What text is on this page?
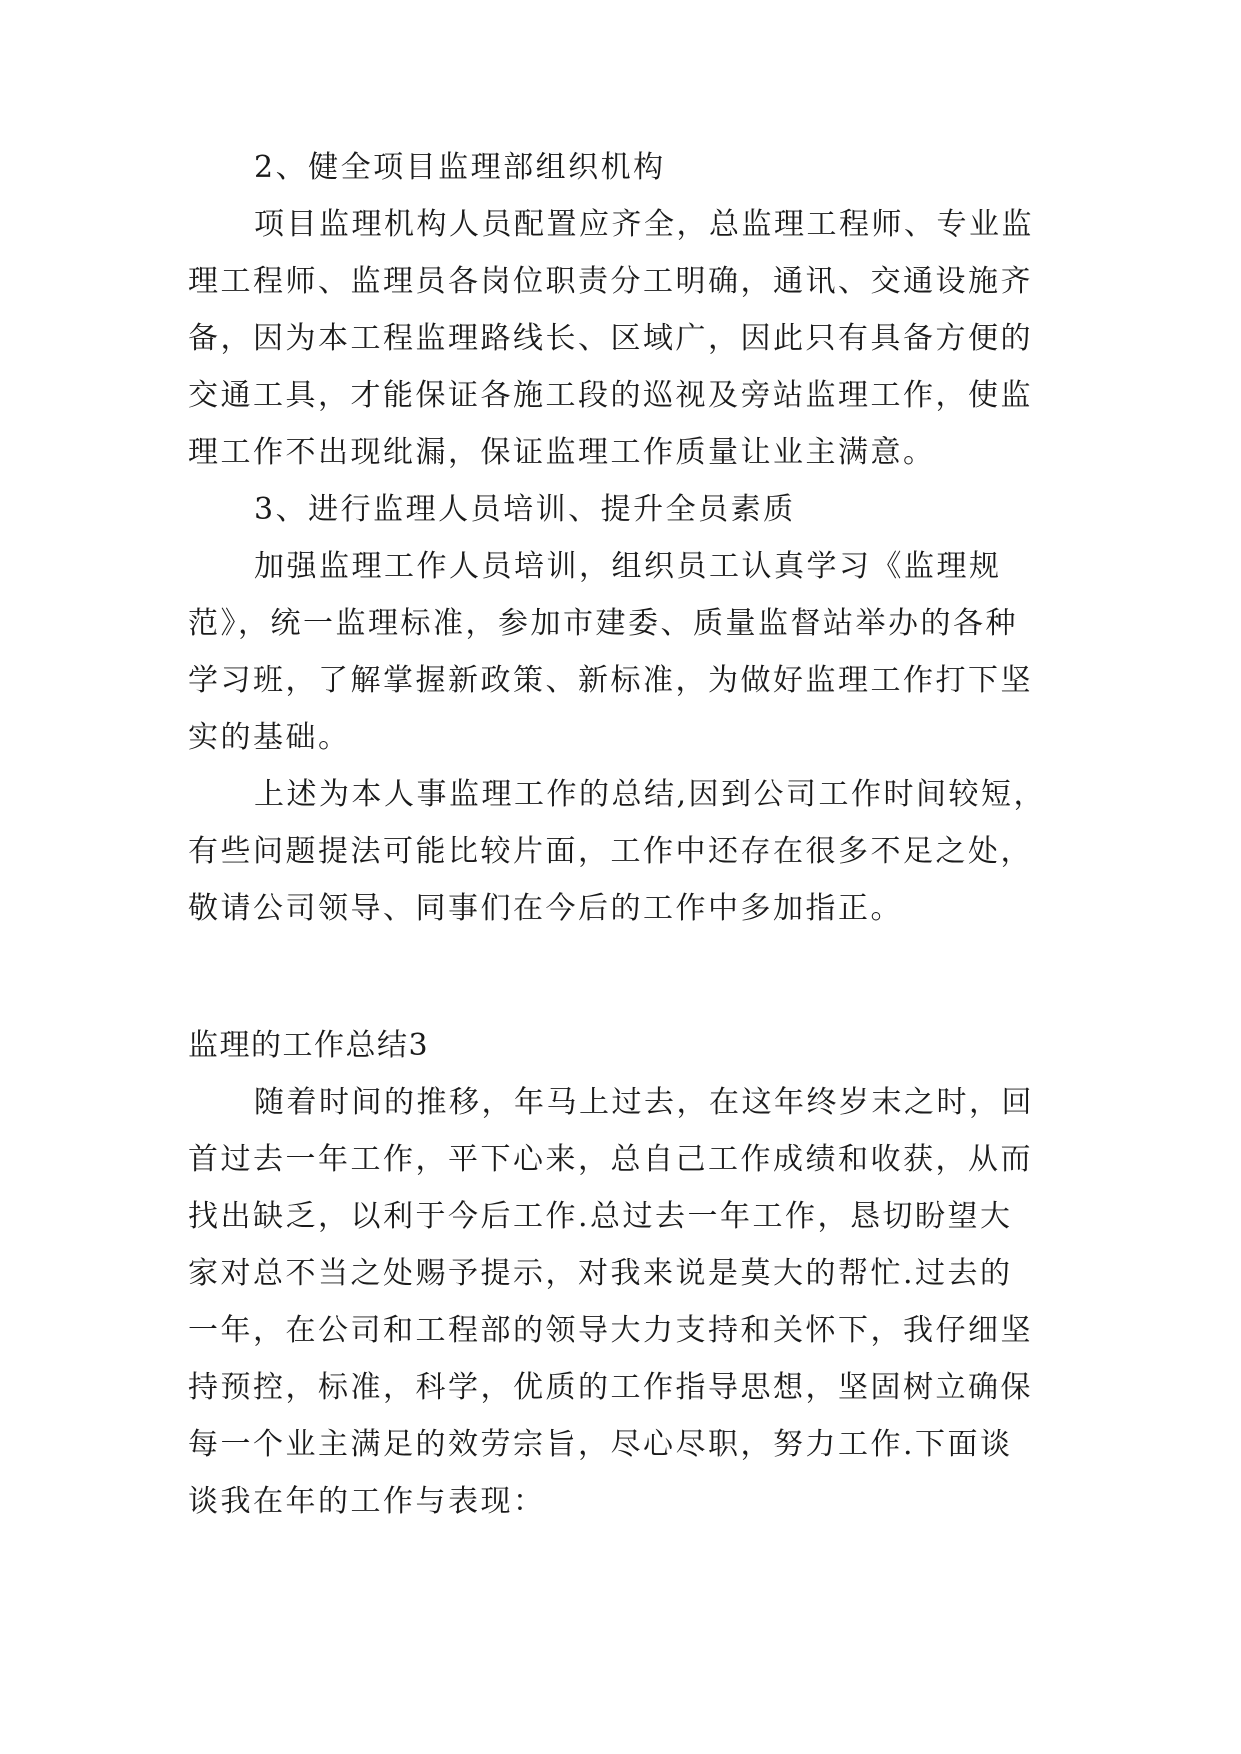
2、健全项目监理部组织机构
项目监理机构人员配置应齐全，总监理工程师、专业监
理工程师、监理员各岗位职责分工明确，通讯、交通设施齐
备，因为本工程监理路线长、区域广，因此只有具备方便的
交通工具，才能保证各施工段的巡视及旁站监理工作，使监
理工作不出现纰漏，保证监理工作质量让业主满意。
3、进行监理人员培训、提升全员素质
加强监理工作人员培训，组织员工认真学习《监理规
范》，统一监理标准，参加市建委、质量监督站举办的各种
学习班，了解掌握新政策、新标准，为做好监理工作打下坚
实的基础。
上述为本人事监理工作的总结,因到公司工作时间较短，
有些问题提法可能比较片面，工作中还存在很多不足之处，
敬请公司领导、同事们在今后的工作中多加指正。
监理的工作总结3
随着时间的推移，年马上过去，在这年终岁末之时，回
首过去一年工作，平下心来，总自己工作成绩和收获，从而
找出缺乏，以利于今后工作.总过去一年工作，恳切盼望大
家对总不当之处赐予提示，对我来说是莫大的帮忙.过去的
一年，在公司和工程部的领导大力支持和关怀下，我仔细坚
持预控，标准，科学，优质的工作指导思想，坚固树立确保
每一个业主满足的效劳宗旨，尽心尽职，努力工作.下面谈
谈我在年的工作与表现：
